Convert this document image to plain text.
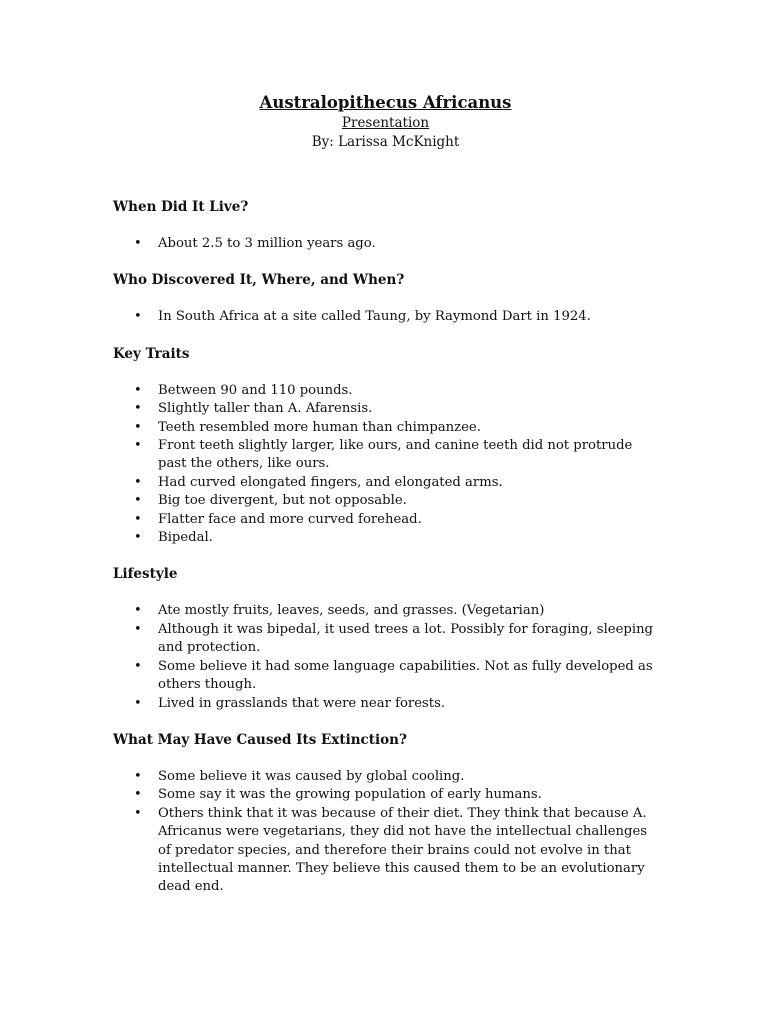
Australopithecus Africanus

Presentation

By: Larissa McKnight

When Did It Live?

• About 2.5 to 3 million years ago.

Who Discovered It, Where, and When?

• In South Africa at a site called Taung, by Raymond Dart in 1924.

Key Traits

• Between 90 and 110 pounds.
• Slightly taller than A. Afarensis.
• Teeth resembled more human than chimpanzee.
• Front teeth slightly larger, like ours, and canine teeth did not protrude past the others, like ours.
• Had curved elongated fingers, and elongated arms.
• Big toe divergent, but not opposable.
• Flatter face and more curved forehead.
• Bipedal.

Lifestyle

• Ate mostly fruits, leaves, seeds, and grasses. (Vegetarian)
• Although it was bipedal, it used trees a lot. Possibly for foraging, sleeping and protection.
• Some believe it had some language capabilities. Not as fully developed as others though.
• Lived in grasslands that were near forests.

What May Have Caused Its Extinction?

• Some believe it was caused by global cooling.
• Some say it was the growing population of early humans.
• Others think that it was because of their diet. They think that because A. Africanus were vegetarians, they did not have the intellectual challenges of predator species, and therefore their brains could not evolve in that intellectual manner. They believe this caused them to be an evolutionary dead end.
